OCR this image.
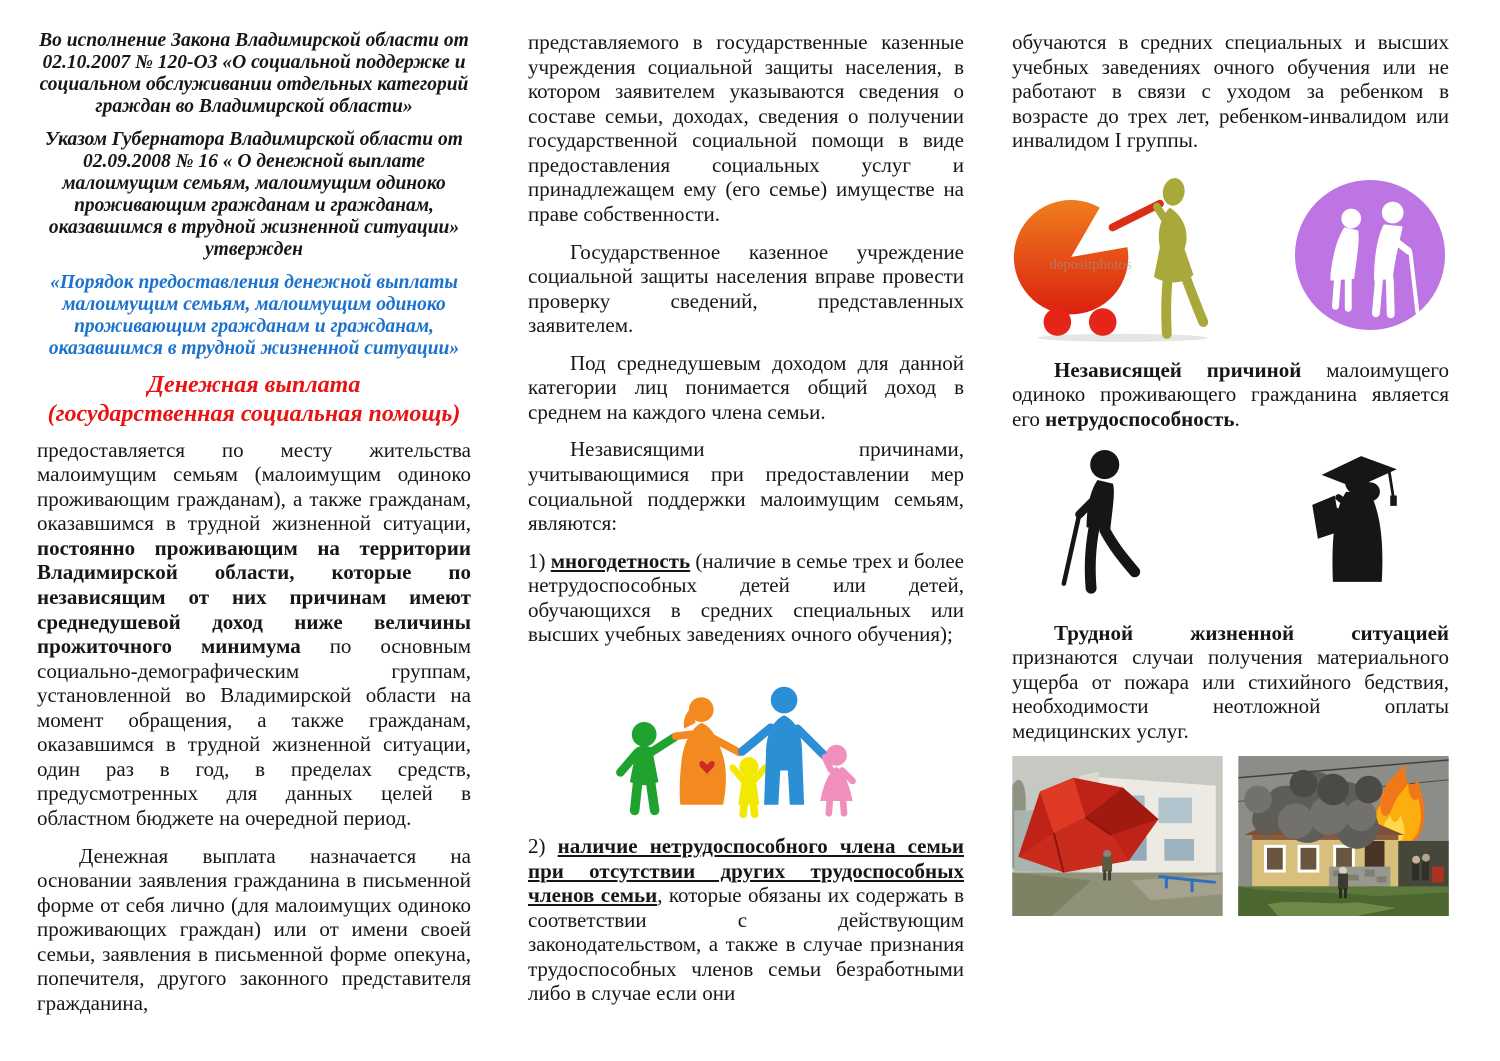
Во исполнение Закона Владимирской области от 02.10.2007 № 120-ОЗ «О социальной поддержке и социальном обслуживании отдельных категорий граждан во Владимирской области»

Указом Губернатора Владимирской области от 02.09.2008 № 16 « О денежной выплате малоимущим семьям, малоимущим одиноко проживающим гражданам и гражданам, оказавшимся в трудной жизненной ситуации» утвержден

«Порядок предоставления денежной выплаты малоимущим семьям, малоимущим одиноко проживающим гражданам и гражданам, оказавшимся в трудной жизненной ситуации»

Денежная выплата
(государственная социальная помощь)

предоставляется по месту жительства малоимущим семьям (малоимущим одиноко проживающим гражданам), а также гражданам, оказавшимся в трудной жизненной ситуации, постоянно проживающим на территории Владимирской области, которые по независящим от них причинам имеют среднедушевой доход ниже величины прожиточного минимума по основным социально-демографическим группам, установленной во Владимирской области на момент обращения, а также гражданам, оказавшимся в трудной жизненной ситуации, один раз в год, в пределах средств, предусмотренных для данных целей в областном бюджете на очередной период.

Денежная выплата назначается на основании заявления гражданина в письменной форме от себя лично (для малоимущих одиноко проживающих граждан) или от имени своей семьи, заявления в письменной форме опекуна, попечителя, другого законного представителя гражданина,

представляемого в государственные казенные учреждения социальной защиты населения, в котором заявителем указываются сведения о составе семьи, доходах, сведения о получении государственной социальной помощи в виде предоставления социальных услуг и принадлежащем ему (его семье) имуществе на праве собственности.

Государственное казенное учреждение социальной защиты населения вправе провести проверку сведений, представленных заявителем.

Под среднедушевым доходом для данной категории лиц понимается общий доход в среднем на каждого члена семьи.

Независящими причинами, учитывающимися при предоставлении мер социальной поддержки малоимущим семьям, являются:

1) многодетность (наличие в семье трех и более нетрудоспособных детей или детей, обучающихся в средних специальных или высших учебных заведениях очного обучения);

2) наличие нетрудоспособного члена семьи при отсутствии других трудоспособных членов семьи, которые обязаны их содержать в соответствии с действующим законодательством, а также в случае признания трудоспособных членов семьи безработными либо в случае если они

обучаются в средних специальных и высших учебных заведениях очного обучения или не работают в связи с уходом за ребенком в возрасте до трех лет, ребенком-инвалидом или инвалидом I группы.

depositphotos

Независящей причиной малоимущего одиноко проживающего гражданина является его нетрудоспособность.

Трудной жизненной ситуацией признаются случаи получения материального ущерба от пожара или стихийного бедствия, необходимости неотложной оплаты медицинских услуг.
